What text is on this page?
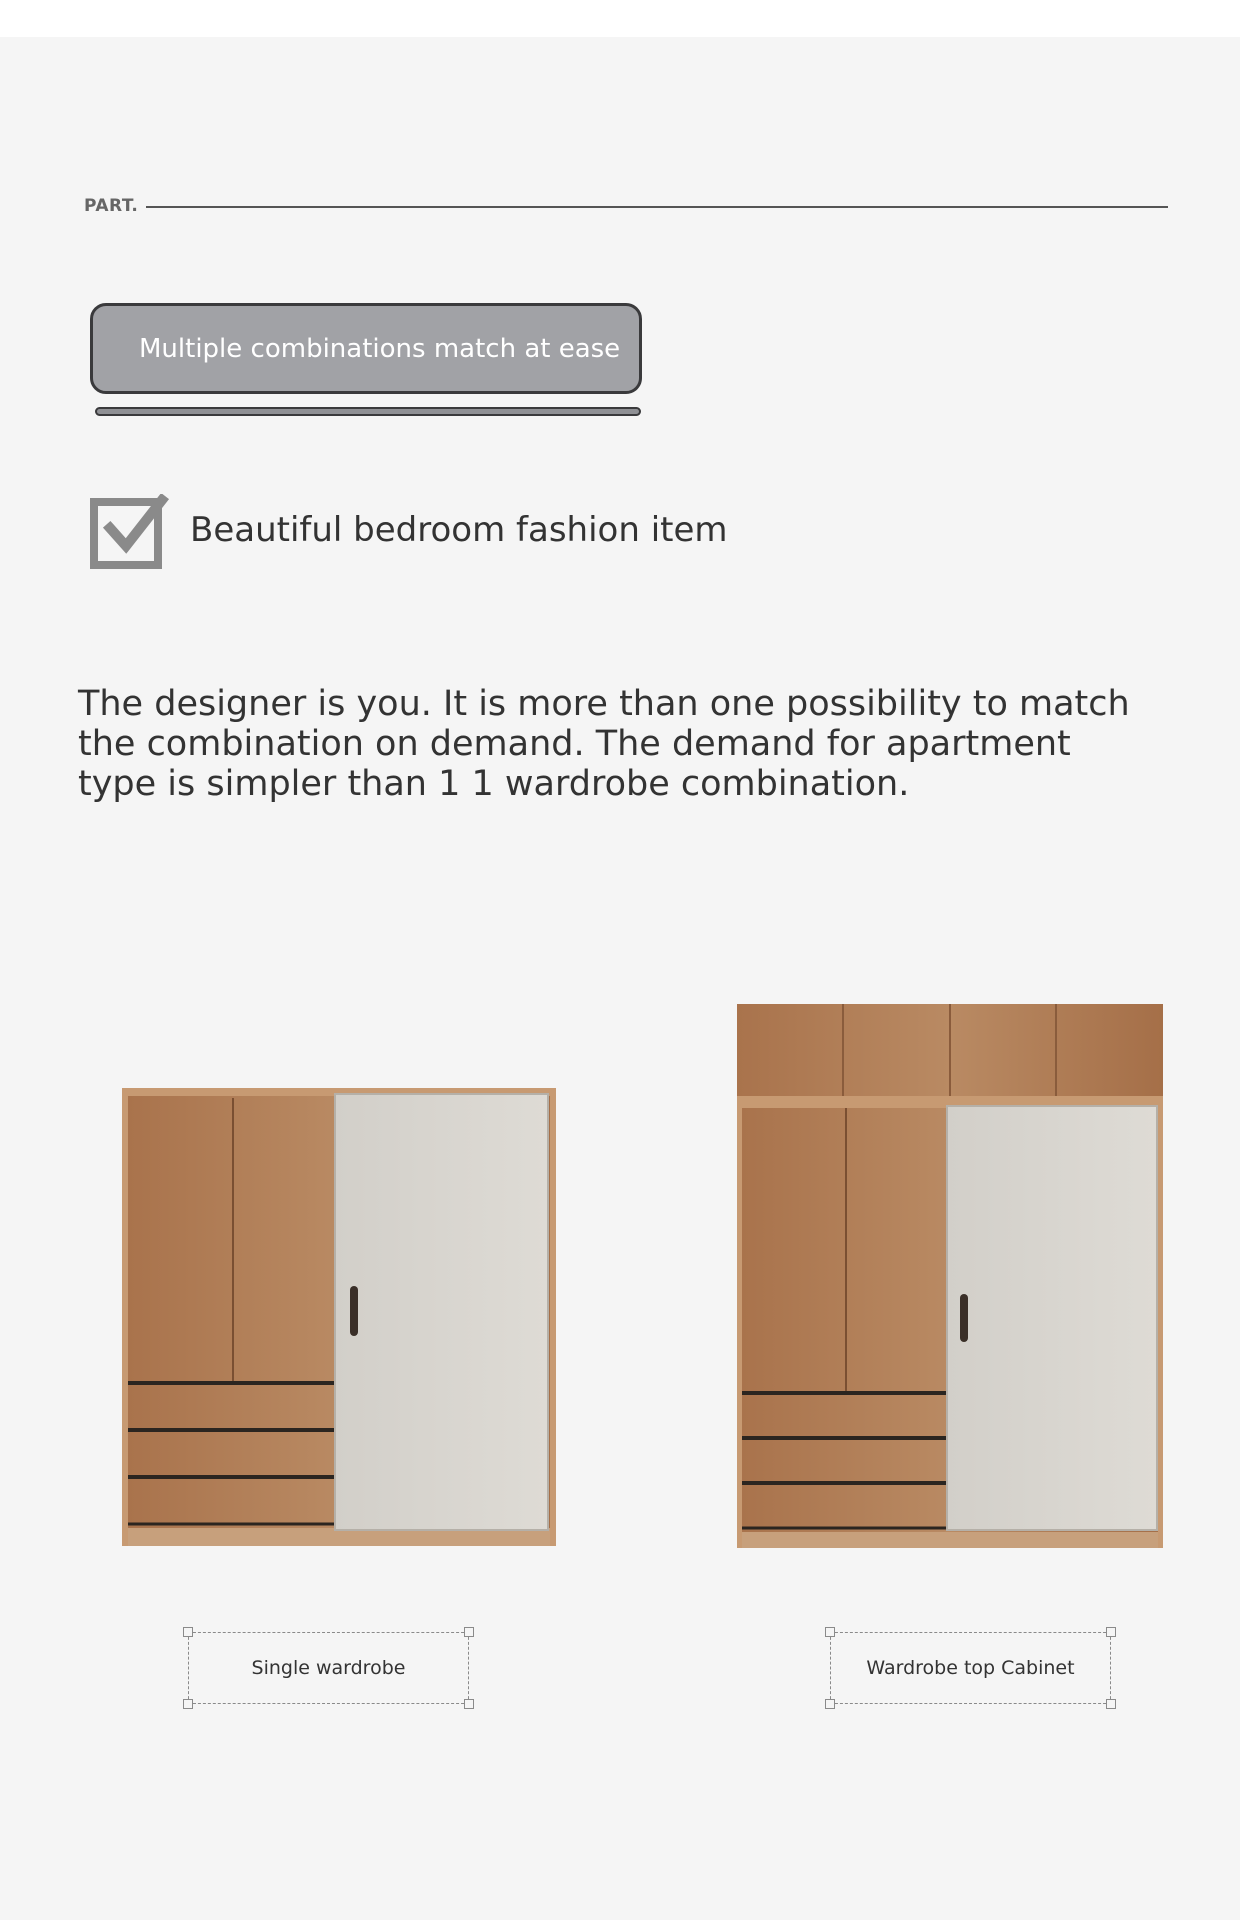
PART.
Multiple combinations match at ease
Beautiful bedroom fashion item

The designer is you. It is more than one possibility to match the combination on demand. The demand for apartment type is simpler than 1 1 wardrobe combination.

Single wardrobe	Wardrobe top Cabinet
